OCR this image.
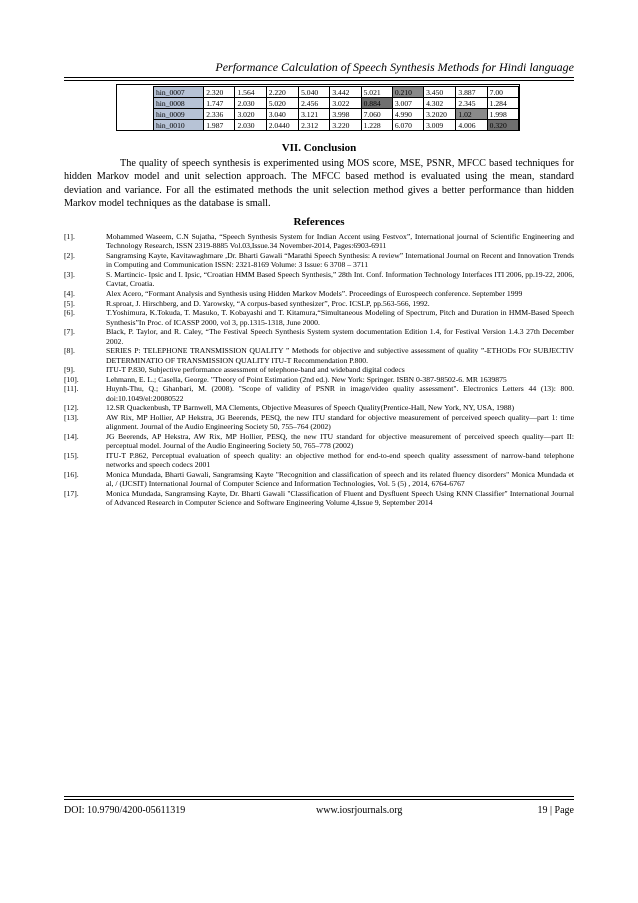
Performance Calculation of Speech Synthesis Methods for Hindi language
hin_0007	2.320	1.564	2.220	5.040	3.442	5.021	0.210	3.450	3.887	7.00
hin_0008	1.747	2.030	5.020	2.456	3.022	0.884	3.007	4.302	2.345	1.284
hin_0009	2.336	3.020	3.040	3.121	3.998	7.060	4.990	3.2020	1.02	1.998
hin_0010	1.987	2.030	2.0440	2.312	3.220	1.228	6.070	3.009	4.006	0.320
VII. Conclusion
The quality of speech synthesis is experimented using MOS score, MSE, PSNR, MFCC based techniques for hidden Markov model and unit selection approach. The MFCC based method is evaluated using the mean, standard deviation and variance. For all the estimated methods the unit selection method gives a better performance than hidden Markov model techniques as the database is small.
References
[1].	Mohammed Waseem, C.N Sujatha, “Speech Synthesis System for Indian Accent using Festvox”, International journal of Scientific Engineering and Technology Research, ISSN 2319-8885 Vol.03,Issue.34 November-2014, Pages:6903-6911
[2].	Sangramsing Kayte, Kavitawaghmare ,Dr. Bharti Gawali “Marathi Speech Synthesis: A review” International Journal on Recent and Innovation Trends in Computing and Communication ISSN: 2321-8169 Volume: 3 Issue: 6 3708 – 3711
[3].	S. Martincic- Ipsic and I. Ipsic, “Croatian HMM Based Speech Synthesis,” 28th Int. Conf. Information Technology Interfaces ITI 2006, pp.19-22, 2006, Cavtat, Croatia.
[4].	Alex Acero, “Formant Analysis and Synthesis using Hidden Markov Models”. Proceedings of Eurospeech conference. September 1999
[5].	R.sproat, J. Hirschberg, and D. Yarowsky, “A corpus-based synthesizer”, Proc. ICSLP, pp.563-566, 1992.
[6].	T.Yoshimura, K.Tokuda, T. Masuko, T. Kobayashi and T. Kitamura,“Simultaneous Modeling of Spectrum, Pitch and Duration in HMM-Based Speech Synthesis”In Proc. of ICASSP 2000, vol 3, pp.1315-1318, June 2000.
[7].	Black, P. Taylor, and R. Caley, “The Festival Speech Synthesis System system documentation Edition 1.4, for Festival Version 1.4.3 27th December 2002.
[8].	SERIES P: TELEPHONE TRANSMISSION QUALITY ” Methods for objective and subjective assessment of quality ”-ETHODs FOr SUBJECTIV DETERMINATIO OF TRANSMISSION QUALITY ITU-T Recommendation P.800.
[9].	ITU-T P.830, Subjective performance assessment of telephone-band and wideband digital codecs
[10].	Lehmann, E. L.; Casella, George. "Theory of Point Estimation (2nd ed.). New York: Springer. ISBN 0-387-98502-6. MR 1639875
[11].	Huynh-Thu, Q.; Ghanbari, M. (2008). "Scope of validity of PSNR in image/video quality assessment". Electronics Letters 44 (13): 800. doi:10.1049/el:20080522
[12].	12.SR Quackenbush, TP Barnwell, MA Clements, Objective Measures of Speech Quality(Prentice-Hall, New York, NY, USA, 1988)
[13].	AW Rix, MP Hollier, AP Hekstra, JG Beerends, PESQ, the new ITU standard for objective measurement of perceived speech quality—part 1: time alignment. Journal of the Audio Engineering Society 50, 755–764 (2002)
[14].	JG Beerends, AP Hekstra, AW Rix, MP Hollier, PESQ, the new ITU standard for objective measurement of perceived speech quality—part II: perceptual model. Journal of the Audio Engineering Society 50, 765–778 (2002)
[15].	ITU-T P.862, Perceptual evaluation of speech quality: an objective method for end-to-end speech quality assessment of narrow-band telephone networks and speech codecs 2001
[16].	Monica Mundada, Bharti Gawali, Sangramsing Kayte "Recognition and classification of speech and its related fluency disorders" Monica Mundada et al, / (IJCSIT) International Journal of Computer Science and Information Technologies, Vol. 5 (5) , 2014, 6764-6767
[17].	Monica Mundada, Sangramsing Kayte, Dr. Bharti Gawali "Classification of Fluent and Dysfluent Speech Using KNN Classifier" International Journal of Advanced Research in Computer Science and Software Engineering Volume 4,Issue 9, September 2014
DOI: 10.9790/4200-05611319	www.iosrjournals.org	19 | Page
